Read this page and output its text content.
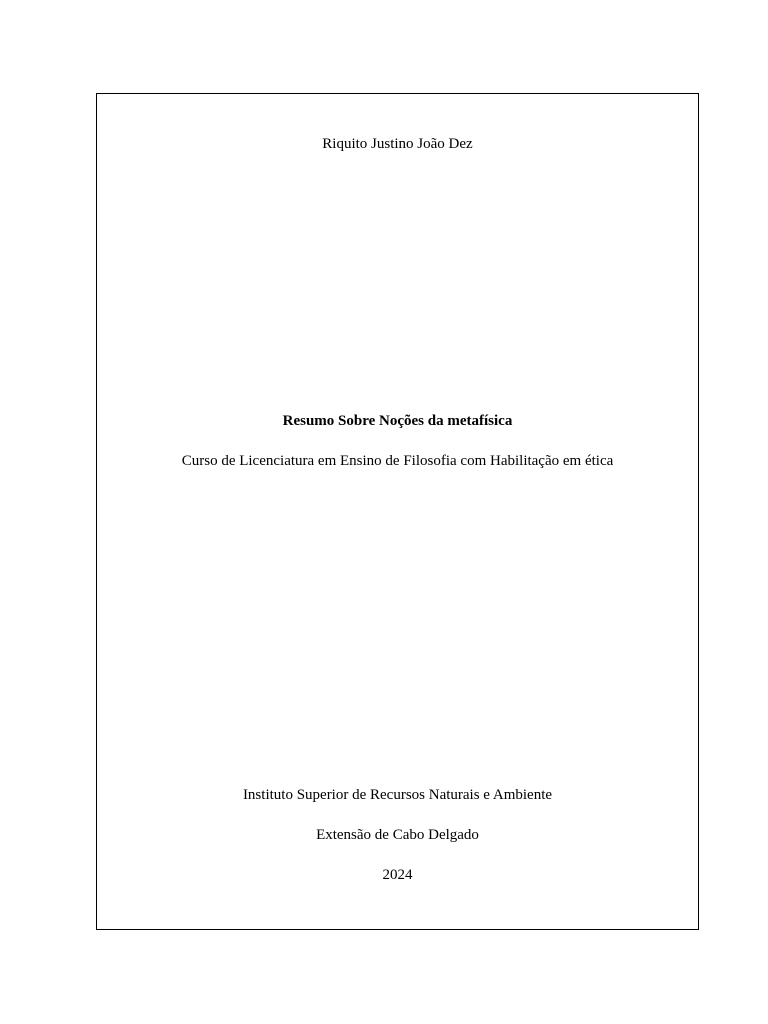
Riquito Justino João Dez
Resumo Sobre Noções da metafísica
Curso de Licenciatura em Ensino de Filosofia com Habilitação em ética
Instituto Superior de Recursos Naturais e Ambiente
Extensão de Cabo Delgado
2024
